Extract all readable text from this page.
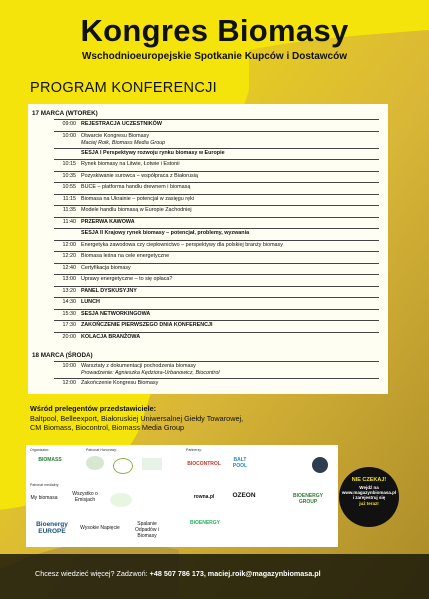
Kongres Biomasy
Wschodnioeuropejskie Spotkanie Kupców i Dostawców
PROGRAM KONFERENCJI
17 MARCA (WTOREK)
09:00 REJESTRACJA UCZESTNIKÓW
10:00 Otwarcie Kongresu Biomasy
Maciej Roik, Biomass Media Group
SESJA I Perspektywy rozwoju rynku biomasy w Europie
10:15 Rynek biomasy na Litwie, Łotwie i Estonii
10:35 Pozyskiwanie surowca – współpraca z Białorusią
10:55 BUCE – platforma handlu drewnem i biomasą
11:15 Biomasa na Ukrainie – potencjał w zasięgu ręki
11:35 Modele handlu biomasą w Europie Zachodniej
11:40 PRZERWA KAWOWA
SESJA II Krajowy rynek biomasy – potencjał, problemy, wyzwania
12:00 Energetyka zawodowa czy ciepłownictwo – perspektywy dla polskiej branży biomasy
12:20 Biomasa leśna na cele energetyczne
12:40 Certyfikacja biomasy
13:00 Uprawy energetyczne – to się opłaca?
13:20 PANEL DYSKUSYJNY
14:30 LUNCH
15:30 SESJA NETWORKINGOWA
17:30 ZAKOŃCZENIE PIERWSZEGO DNIA KONFERENCJI
20:00 KOLACJA BRANŻOWA
18 MARCA (ŚRODA)
10:00 Warsztaty z dokumentacji pochodzenia biomasy
Prowadzenie: Agnieszka Kędziora-Urbanowicz, Biocontrol
12:00 Zakończenie Kongresu Biomasy
Wśród prelegentów przedstawiciele:
Baltpool, Belleexport, Białoruskiej Uniwersalnej Giełdy Towarowej,
CM Biomass, Biocontrol, Biomass Media Group
Organizator:	Patronat Honorowy:	Partnerzy:
Patronat medialny:
BIOMASS
BIOCONTROL
BALT POOL
My biomasa
Wszystko o Emisjach	rowna.pl	OZEON	BIOENERGY GROUP
Bioenergy EUROPE	Wysokie Napięcie
Spalanie Odpadów i Biomasy
BIOENERGY
NIE CZEKAJ!
Wejdź na
www.magazynbiomasa.pl
i zarejestruj się
już teraz!
Chcesz wiedzieć więcej? Zadzwoń: +48 507 786 173, maciej.roik@magazynbiomasa.pl
